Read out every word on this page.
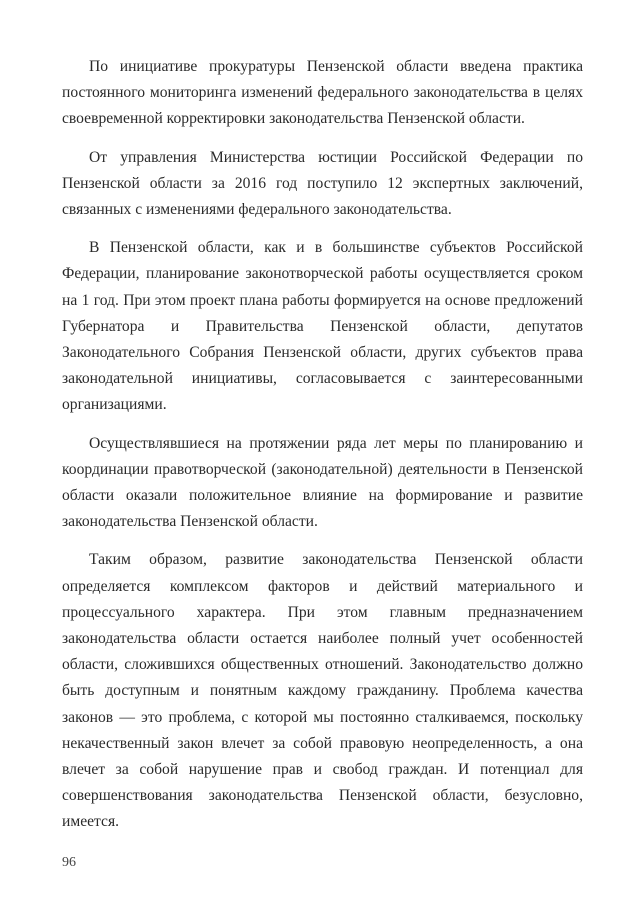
По инициативе прокуратуры Пензенской области введена практика постоянного мониторинга изменений федерального законодательства в целях своевременной корректировки законодательства Пензенской области.

От управления Министерства юстиции Российской Федерации по Пензенской области за 2016 год поступило 12 экспертных заключений, связанных с изменениями федерального законодательства.

В Пензенской области, как и в большинстве субъектов Российской Федерации, планирование законотворческой работы осуществляется сроком на 1 год. При этом проект плана работы формируется на основе предложений Губернатора и Правительства Пензенской области, депутатов Законодательного Собрания Пензенской области, других субъектов права законодательной инициативы, согласовывается с заинтересованными организациями.

Осуществлявшиеся на протяжении ряда лет меры по планированию и координации правотворческой (законодательной) деятельности в Пензенской области оказали положительное влияние на формирование и развитие законодательства Пензенской области.

Таким образом, развитие законодательства Пензенской области определяется комплексом факторов и действий материального и процессуального характера. При этом главным предназначением законодательства области остается наиболее полный учет особенностей области, сложившихся общественных отношений. Законодательство должно быть доступным и понятным каждому гражданину. Проблема качества законов — это проблема, с которой мы постоянно сталкиваемся, поскольку некачественный закон влечет за собой правовую неопределенность, а она влечет за собой нарушение прав и свобод граждан. И потенциал для совершенствования законодательства Пензенской области, безусловно, имеется.

96
